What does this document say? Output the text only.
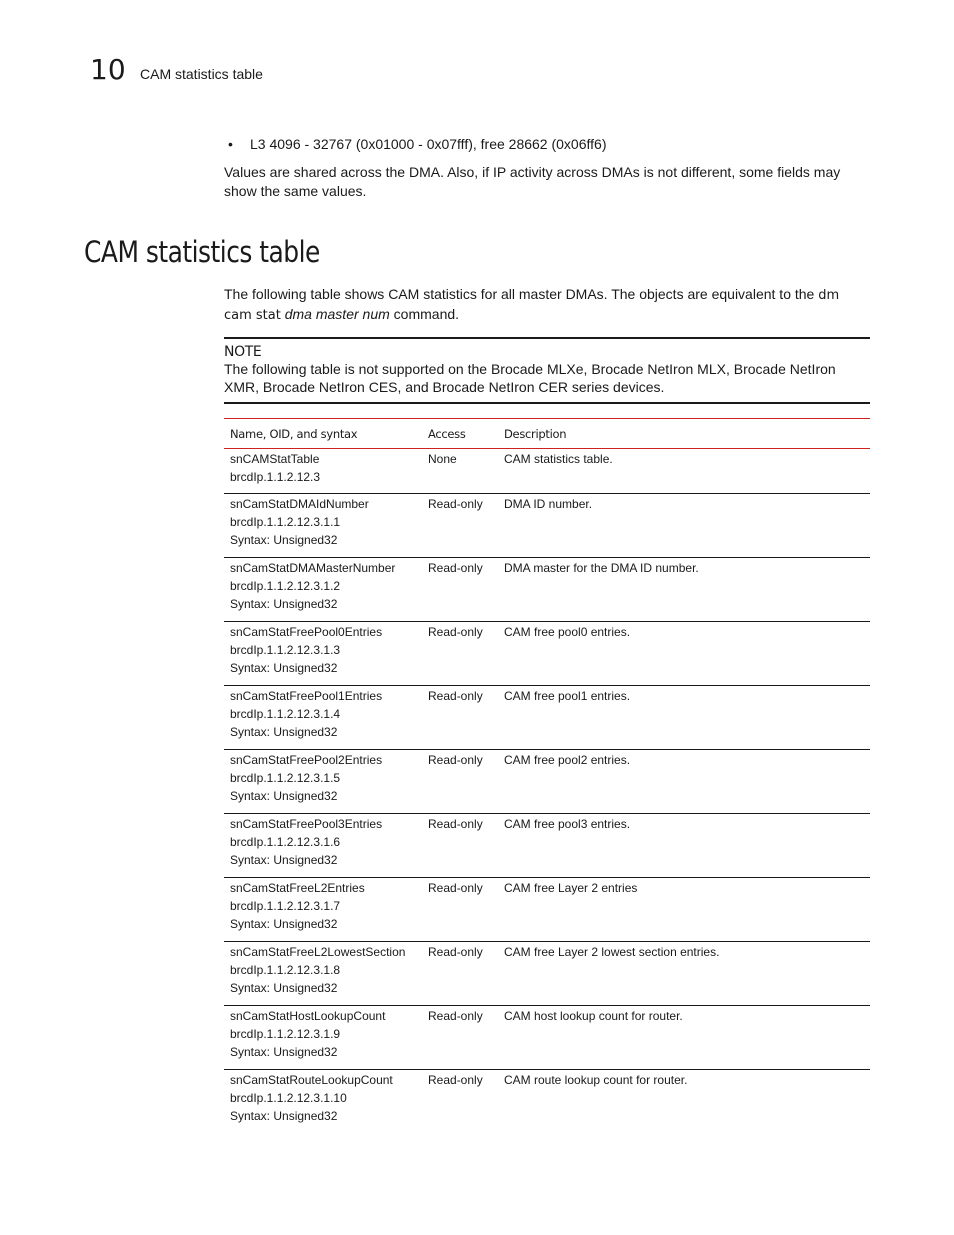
10 CAM statistics table
• L3 4096 - 32767 (0x01000 - 0x07fff), free 28662 (0x06ff6)
Values are shared across the DMA. Also, if IP activity across DMAs is not different, some fields may show the same values.
CAM statistics table
The following table shows CAM statistics for all master DMAs. The objects are equivalent to the dm cam stat dma master num command.
NOTE
The following table is not supported on the Brocade MLXe, Brocade NetIron MLX, Brocade NetIron XMR, Brocade NetIron CES, and Brocade NetIron CER series devices.
Name, OID, and syntax	Access	Description

snCAMStatTable
brcdIp.1.1.2.12.3	None	CAM statistics table.

snCamStatDMAIdNumber
brcdIp.1.1.2.12.3.1.1
Syntax: Unsigned32	Read-only	DMA ID number.

snCamStatDMAMasterNumber
brcdIp.1.1.2.12.3.1.2
Syntax: Unsigned32	Read-only	DMA master for the DMA ID number.

snCamStatFreePool0Entries
brcdIp.1.1.2.12.3.1.3
Syntax: Unsigned32	Read-only	CAM free pool0 entries.

snCamStatFreePool1Entries
brcdIp.1.1.2.12.3.1.4
Syntax: Unsigned32	Read-only	CAM free pool1 entries.

snCamStatFreePool2Entries
brcdIp.1.1.2.12.3.1.5
Syntax: Unsigned32	Read-only	CAM free pool2 entries.

snCamStatFreePool3Entries
brcdIp.1.1.2.12.3.1.6
Syntax: Unsigned32	Read-only	CAM free pool3 entries.

snCamStatFreeL2Entries
brcdIp.1.1.2.12.3.1.7
Syntax: Unsigned32	Read-only	CAM free Layer 2 entries

snCamStatFreeL2LowestSection
brcdIp.1.1.2.12.3.1.8
Syntax: Unsigned32	Read-only	CAM free Layer 2 lowest section entries.

snCamStatHostLookupCount
brcdIp.1.1.2.12.3.1.9
Syntax: Unsigned32	Read-only	CAM host lookup count for router.

snCamStatRouteLookupCount
brcdIp.1.1.2.12.3.1.10
Syntax: Unsigned32	Read-only	CAM route lookup count for router.
